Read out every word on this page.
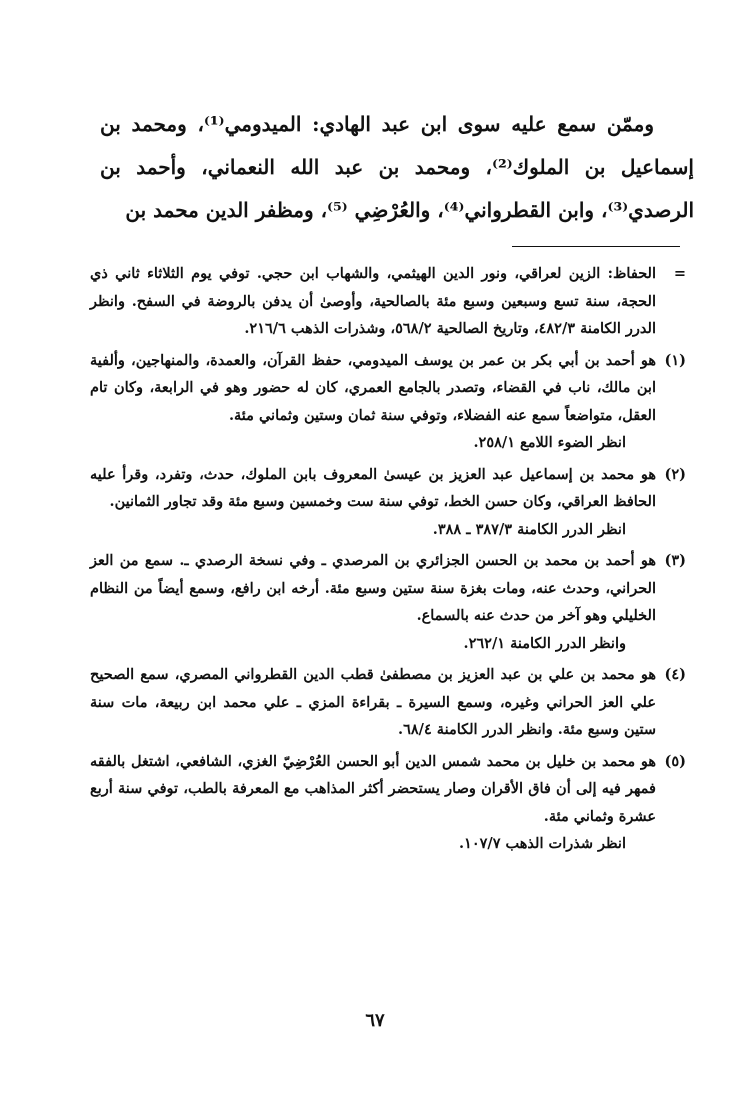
وممّن سمع عليه سوى ابن عبد الهادي: الميدومي⁽¹⁾، ومحمد بن إسماعيل بن الملوك⁽²⁾، ومحمد بن عبد الله النعماني، وأحمد بن الرصدي⁽³⁾، وابن القطرواني⁽⁴⁾، والعُرْضِي ⁽⁵⁾، ومظفر الدين محمد بن

=
الحفاظ: الزين لعراقي، ونور الدين الهيثمي، والشهاب ابن حجي. توفي يوم الثلاثاء ثاني ذي الحجة، سنة تسع وسبعين وسبع مئة بالصالحية، وأوصىٰ أن يدفن بالروضة في السفح. وانظر الدرر الكامنة ٤٨٢/٣، وتاريخ الصالحية ٥٦٨/٢، وشذرات الذهب ٢١٦/٦.
(١)
هو أحمد بن أبي بكر بن عمر بن يوسف الميدومي، حفظ القرآن، والعمدة، والمنهاجين، وألفية ابن مالك، ناب في القضاء، وتصدر بالجامع العمري، كان له حضور وهو في الرابعة، وكان تام العقل، متواضعاً سمع عنه الفضلاء، وتوفي سنة ثمان وستين وثماني مئة.
انظر الضوء اللامع ٢٥٨/١.
(٢)
هو محمد بن إسماعيل عبد العزيز بن عيسىٰ المعروف بابن الملوك، حدث، وتفرد، وقرأ عليه الحافظ العراقي، وكان حسن الخط، توفي سنة ست وخمسين وسبع مئة وقد تجاور الثمانين.
انظر الدرر الكامنة ٣٨٧/٣ ـ ٣٨٨.
(٣)
هو أحمد بن محمد بن الحسن الجزائري بن المرصدي ـ وفي نسخة الرصدي ـ. سمع من العز الحراني، وحدث عنه، ومات بغزة سنة ستين وسبع مئة. أرخه ابن رافع، وسمع أيضاً من النظام الخليلي وهو آخر من حدث عنه بالسماع.
وانظر الدرر الكامنة ٢٦٢/١.
(٤)
هو محمد بن علي بن عبد العزيز بن مصطفىٰ قطب الدين القطرواني المصري، سمع الصحيح علي العز الحراني وغيره، وسمع السيرة ـ بقراءة المزي ـ علي محمد ابن ربيعة، مات سنة ستين وسبع مئة. وانظر الدرر الكامنة ٦٨/٤.
(٥)
هو محمد بن خليل بن محمد شمس الدين أبو الحسن العُرْضِيّ الغزي، الشافعي، اشتغل بالفقه فمهر فيه إلى أن فاق الأقران وصار يستحضر أكثر المذاهب مع المعرفة بالطب، توفي سنة أربع عشرة وثماني مئة.
انظر شذرات الذهب ١٠٧/٧.
٦٧
